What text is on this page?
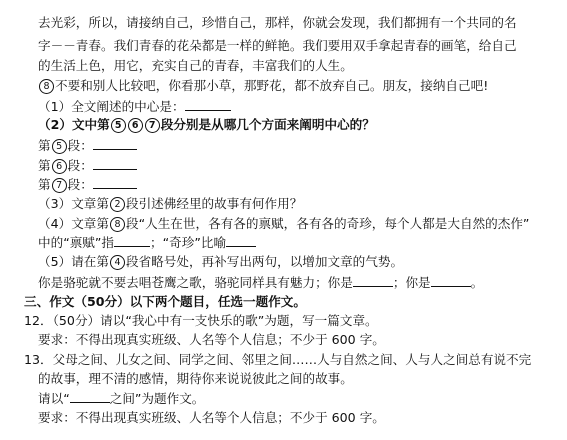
去光彩，所以，请接纳自己，珍惜自己，那样，你就会发现，我们都拥有一个共同的名
字－－青春。我们青春的花朵都是一样的鲜艳。我们要用双手拿起青春的画笔，给自己
的生活上色，用它，充实自己的青春，丰富我们的人生。
8 不要和别人比较吧，你看那小草，那野花，都不放弃自己。朋友，接纳自己吧!
（1）全文阐述的中心是：
（2）文中第 5 6 7 段分别是从哪几个方面来阐明中心的？
第 5 段：
第 6 段：
第 7 段：
（3）文章第 2 段引述佛经里的故事有何作用？
（4）文章第 8 段“人生在世，各有各的禀赋，各有各的奇珍，每个人都是大自然的杰作”
中的“禀赋”指	；“奇珍”比喻
（5）请在第 4 段省略号处，再补写出两句，以增加文章的气势。
你是骆驼就不要去唱苍鹰之歌，骆驼同样具有魅力；你是	；你是	。
三、作文（50分）以下两个题目，任选一题作文。
12．（50分）请以“我心中有一支快乐的歌”为题，写一篇文章。
要求：不得出现真实班级、人名等个人信息；不少于 600 字。
13．父母之间、儿女之间、同学之间、邻里之间……人与自然之间、人与人之间总有说不完
的故事，理不清的感情，期待你来说说彼此之间的故事。
请以“	之间”为题作文。
要求：不得出现真实班级、人名等个人信息；不少于 600 字。
